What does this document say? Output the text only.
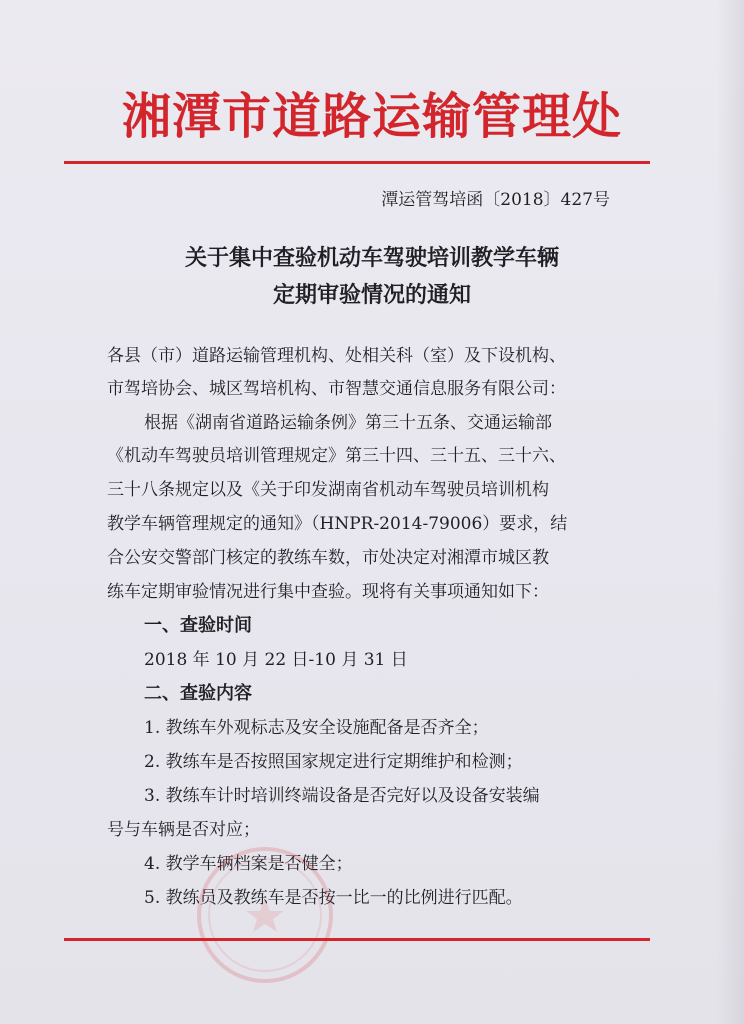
湘潭市道路运输管理处
潭运管驾培函〔2018〕427号
关于集中查验机动车驾驶培训教学车辆
定期审验情况的通知
各县（市）道路运输管理机构、处相关科（室）及下设机构、
市驾培协会、城区驾培机构、市智慧交通信息服务有限公司：
根据《湖南省道路运输条例》第三十五条、交通运输部
《机动车驾驶员培训管理规定》第三十四、三十五、三十六、
三十八条规定以及《关于印发湖南省机动车驾驶员培训机构
教学车辆管理规定的通知》（HNPR-2014-79006）要求，结
合公安交警部门核定的教练车数，市处决定对湘潭市城区教
练车定期审验情况进行集中查验。现将有关事项通知如下：
一、查验时间
2018 年 10 月 22 日-10 月 31 日
二、查验内容
1. 教练车外观标志及安全设施配备是否齐全；
2. 教练车是否按照国家规定进行定期维护和检测；
3. 教练车计时培训终端设备是否完好以及设备安装编
号与车辆是否对应；
4. 教学车辆档案是否健全；
5. 教练员及教练车是否按一比一的比例进行匹配。
